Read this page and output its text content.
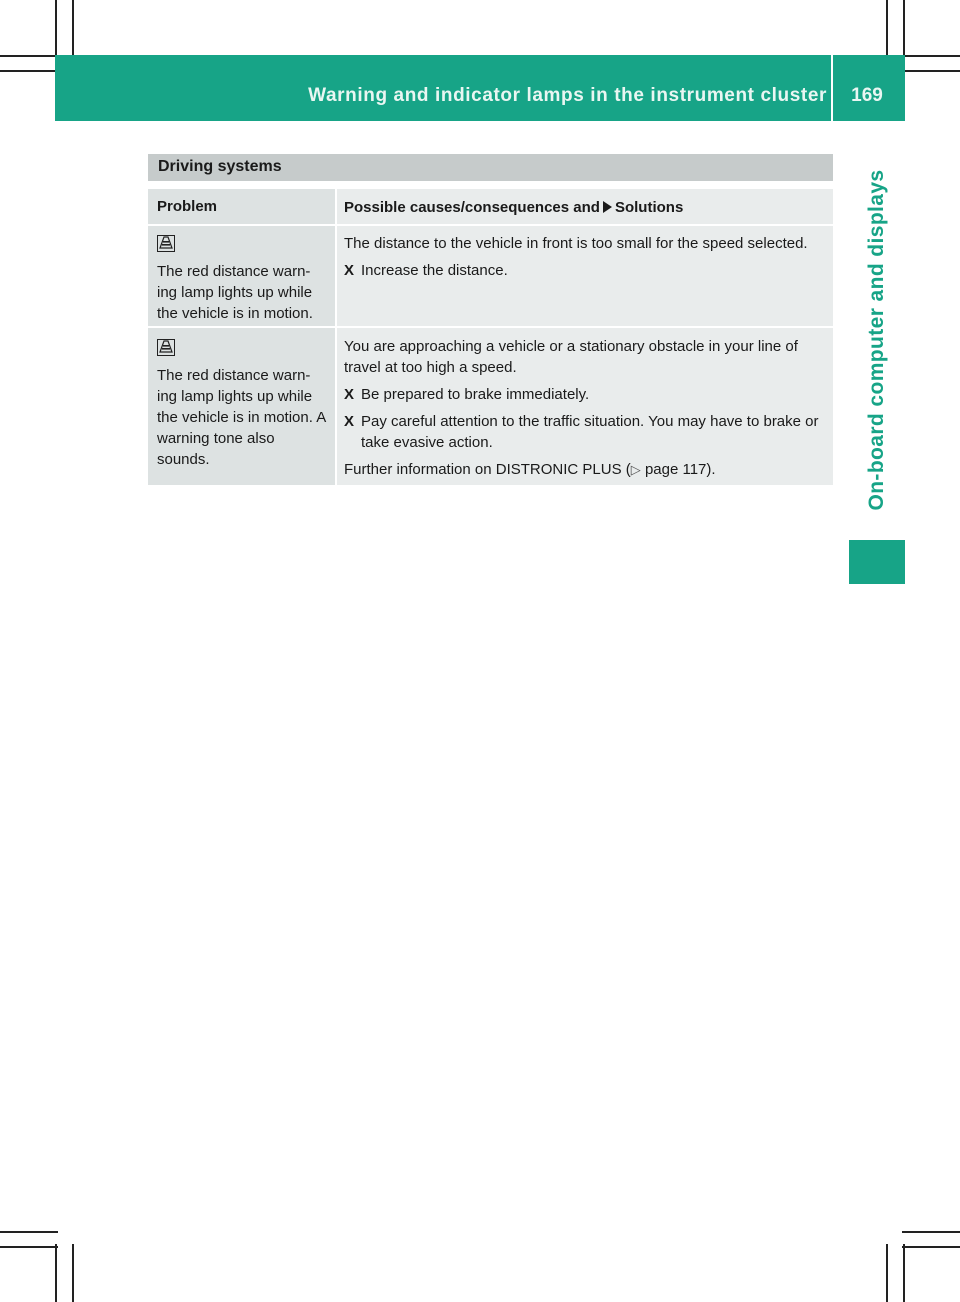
Warning and indicator lamps in the instrument cluster	169
On-board computer and displays
Driving systems
Problem	Possible causes/consequences and Solutions
The red distance warn-ing lamp lights up while the vehicle is in motion.

The distance to the vehicle in front is too small for the speed selected.

X Increase the distance.
The red distance warn-ing lamp lights up while the vehicle is in motion. A warning tone also sounds.

You are approaching a vehicle or a stationary obstacle in your line of travel at too high a speed.

X Be prepared to brake immediately.
X Pay careful attention to the traffic situation. You may have to brake or take evasive action.

Further information on DISTRONIC PLUS (▷ page 117).
